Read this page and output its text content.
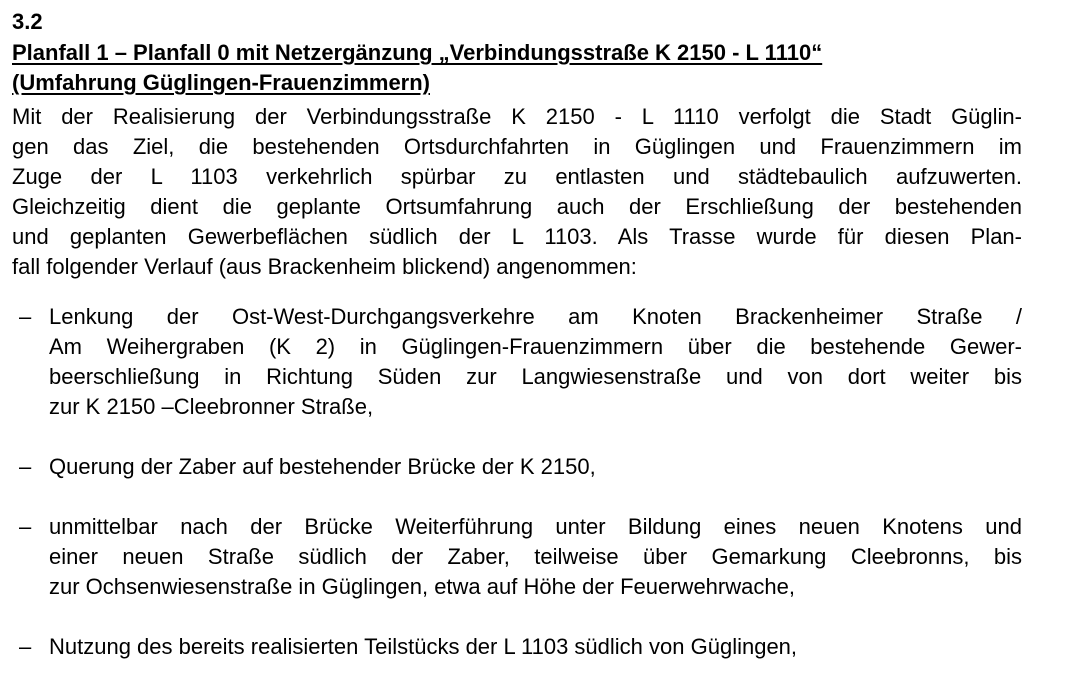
3.2

Planfall 1 – Planfall 0 mit Netzergänzung „Verbindungsstraße K 2150 - L 1110“
(Umfahrung Güglingen-Frauenzimmern)

Mit der Realisierung der Verbindungsstraße K 2150 - L 1110 verfolgt die Stadt Güglin-
gen das Ziel, die bestehenden Ortsdurchfahrten in Güglingen und Frauenzimmern im
Zuge der L 1103 verkehrlich spürbar zu entlasten und städtebaulich aufzuwerten.
Gleichzeitig dient die geplante Ortsumfahrung auch der Erschließung der bestehenden
und geplanten Gewerbeflächen südlich der L 1103. Als Trasse wurde für diesen Plan-
fall folgender Verlauf (aus Brackenheim blickend) angenommen:

– Lenkung der Ost-West-Durchgangsverkehre am Knoten Brackenheimer Straße /
Am Weihergraben (K 2) in Güglingen-Frauenzimmern über die bestehende Gewer-
beerschließung in Richtung Süden zur Langwiesenstraße und von dort weiter bis
zur K 2150 –Cleebronner Straße,
– Querung der Zaber auf bestehender Brücke der K 2150,
– unmittelbar nach der Brücke Weiterführung unter Bildung eines neuen Knotens und
einer neuen Straße südlich der Zaber, teilweise über Gemarkung Cleebronns, bis
zur Ochsenwiesenstraße in Güglingen, etwa auf Höhe der Feuerwehrwache,
– Nutzung des bereits realisierten Teilstücks der L 1103 südlich von Güglingen,
